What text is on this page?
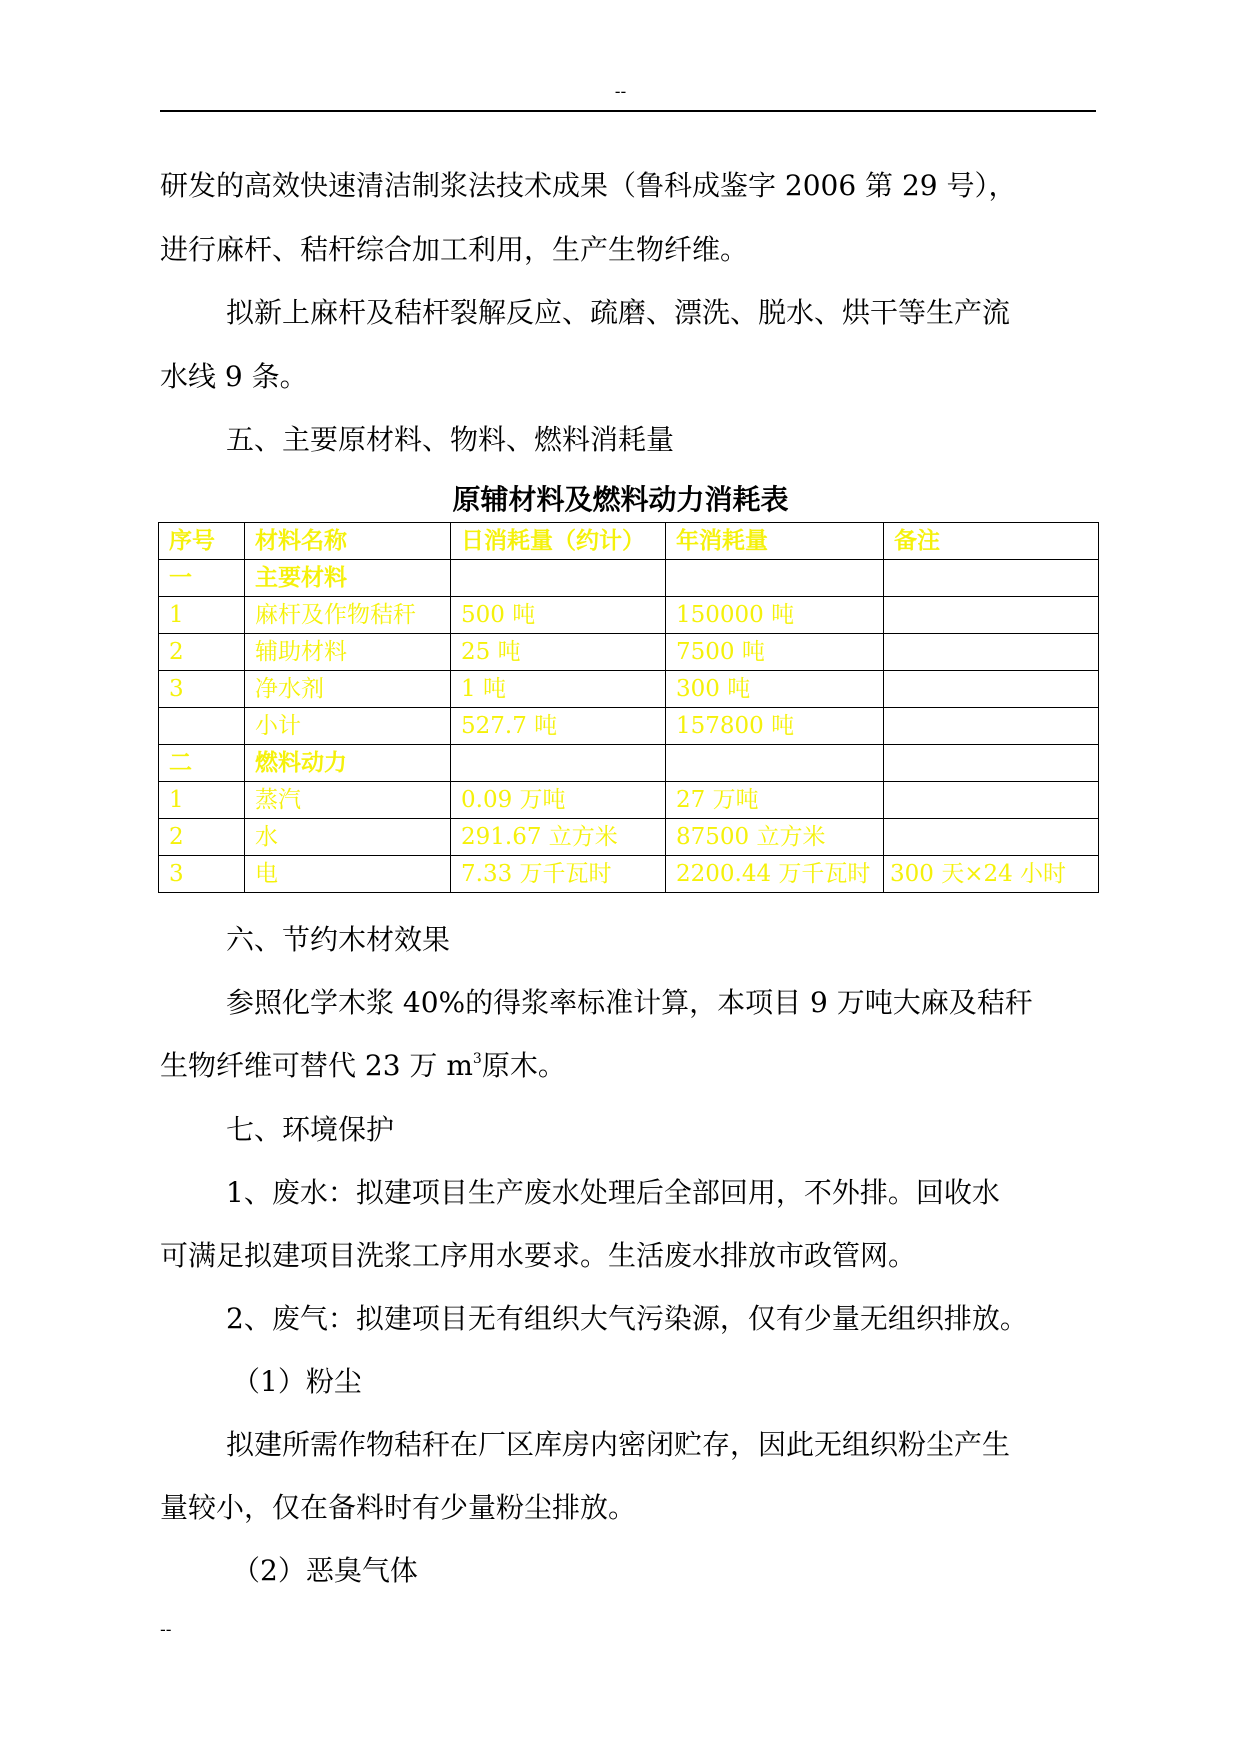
--
研发的高效快速清洁制浆法技术成果（鲁科成鉴字 2006 第 29 号），
进行麻杆、秸杆综合加工利用，生产生物纤维。
拟新上麻杆及秸杆裂解反应、疏磨、漂洗、脱水、烘干等生产流
水线 9 条。
五、主要原材料、物料、燃料消耗量
原辅材料及燃料动力消耗表
序号	材料名称	日消耗量（约计）	年消耗量	备注
一	主要材料			
1	麻杆及作物秸秆	500 吨	150000 吨	
2	辅助材料	25 吨	7500 吨	
3	净水剂	1 吨	300 吨	
	小计	527.7 吨	157800 吨	
二	燃料动力			
1	蒸汽	0.09 万吨	27 万吨	
2	水	291.67 立方米	87500 立方米	
3	电	7.33 万千瓦时	2200.44 万千瓦时	300 天×24 小时
六、节约木材效果
参照化学木浆 40%的得浆率标准计算，本项目 9 万吨大麻及秸秆
生物纤维可替代 23 万 $m^3$原木。
七、环境保护
1、废水：拟建项目生产废水处理后全部回用，不外排。回收水
可满足拟建项目洗浆工序用水要求。生活废水排放市政管网。
2、废气：拟建项目无有组织大气污染源，仅有少量无组织排放。
（1）粉尘
拟建所需作物秸秆在厂区库房内密闭贮存，因此无组织粉尘产生
量较小，仅在备料时有少量粉尘排放。
（2）恶臭气体
--
